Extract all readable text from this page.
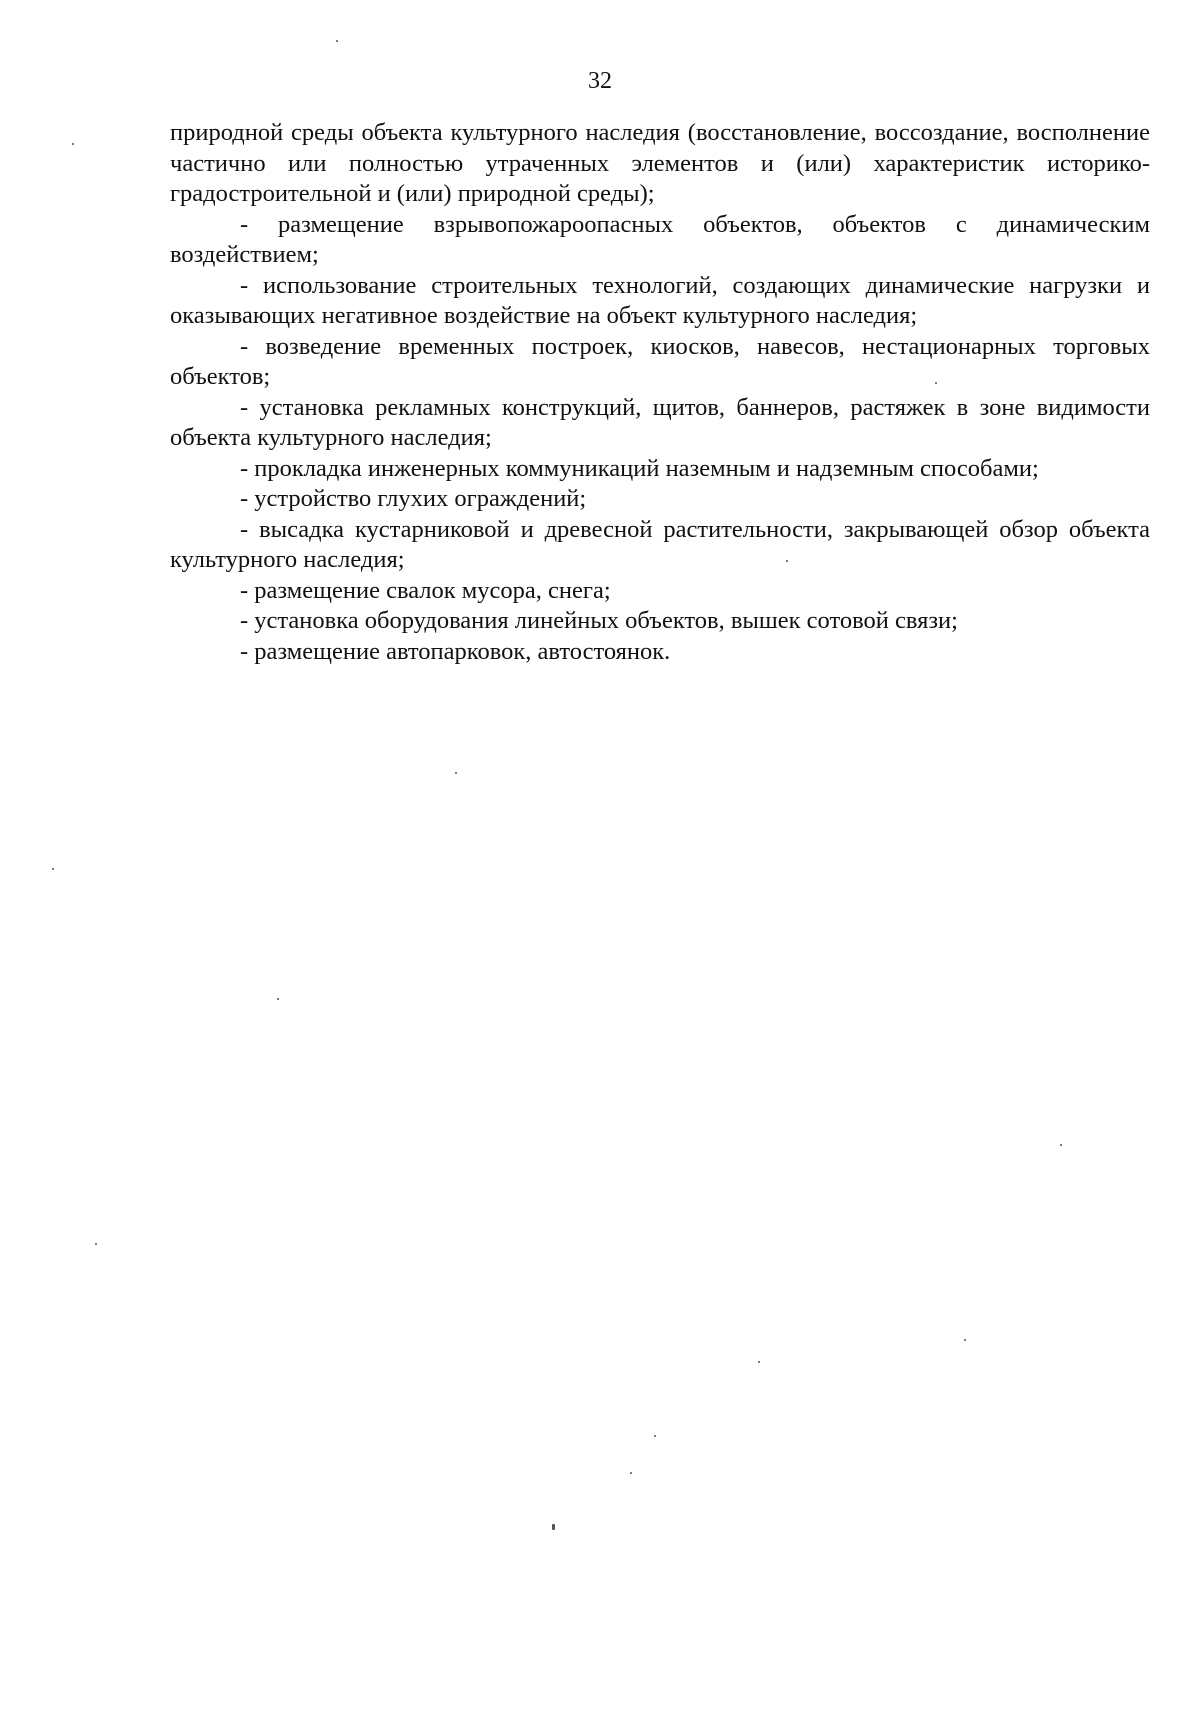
32

природной среды объекта культурного наследия (восстановление, воссоздание, восполнение частично или полностью утраченных элементов и (или) характеристик историко-градостроительной и (или) природной среды);

- размещение взрывопожароопасных объектов, объектов с динамическим воздействием;

- использование строительных технологий, создающих динамические нагрузки и оказывающих негативное воздействие на объект культурного наследия;

- возведение временных построек, киосков, навесов, нестационарных торговых объектов;

- установка рекламных конструкций, щитов, баннеров, растяжек в зоне видимости объекта культурного наследия;

- прокладка инженерных коммуникаций наземным и надземным способами;

- устройство глухих ограждений;

- высадка кустарниковой и древесной растительности, закрывающей обзор объекта культурного наследия;

- размещение свалок мусора, снега;

- установка оборудования линейных объектов, вышек сотовой связи;

- размещение автопарковок, автостоянок.
